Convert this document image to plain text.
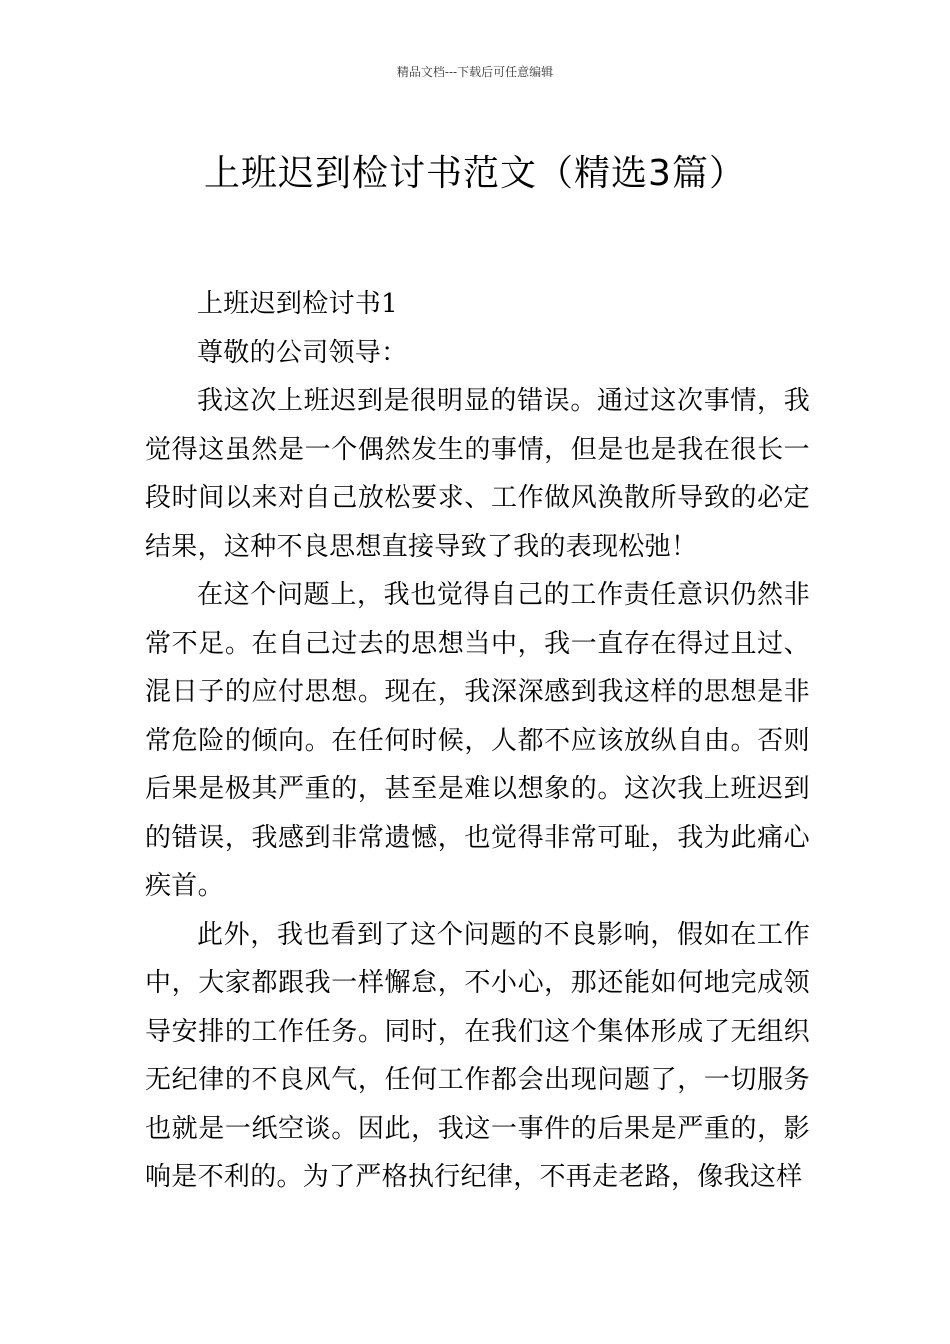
精品文档---下载后可任意编辑
上班迟到检讨书范文（精选3篇）

上班迟到检讨书1

尊敬的公司领导：

我这次上班迟到是很明显的错误。通过这次事情，我觉得这虽然是一个偶然发生的事情，但是也是我在很长一段时间以来对自己放松要求、工作做风涣散所导致的必定结果，这种不良思想直接导致了我的表现松弛！

在这个问题上，我也觉得自己的工作责任意识仍然非常不足。在自己过去的思想当中，我一直存在得过且过、混日子的应付思想。现在，我深深感到我这样的思想是非常危险的倾向。在任何时候，人都不应该放纵自由。否则后果是极其严重的，甚至是难以想象的。这次我上班迟到的错误，我感到非常遗憾，也觉得非常可耻，我为此痛心疾首。

此外，我也看到了这个问题的不良影响，假如在工作中，大家都跟我一样懈怠，不小心，那还能如何地完成领导安排的工作任务。同时，在我们这个集体形成了无组织无纪律的不良风气，任何工作都会出现问题了，一切服务也就是一纸空谈。因此，我这一事件的后果是严重的，影响是不利的。为了严格执行纪律，不再走老路，像我这样
